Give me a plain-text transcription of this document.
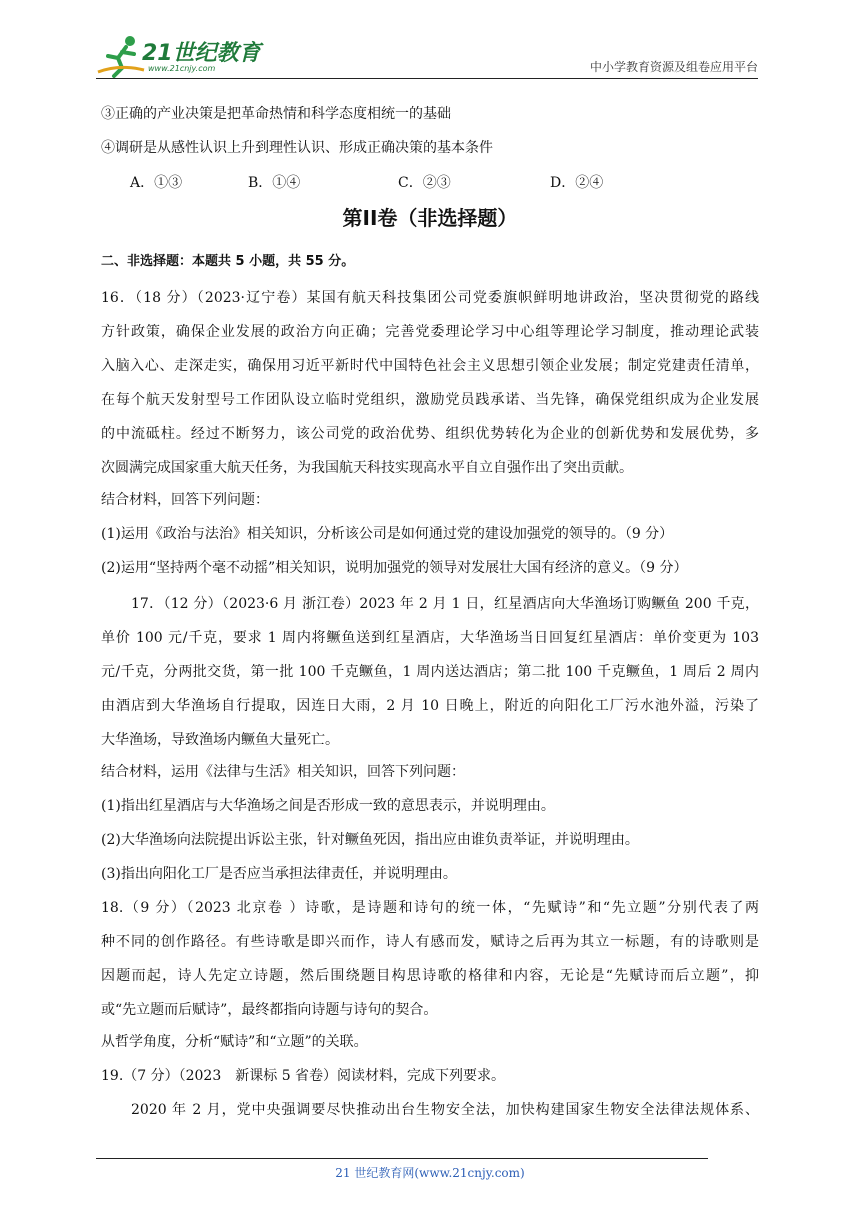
21世纪教育
www.21cnjy.com	中小学教育资源及组卷应用平台
③正确的产业决策是把革命热情和科学态度相统一的基础
④调研是从感性认识上升到理性认识、形成正确决策的基本条件
A．①③	B．①④	C．②③	D．②④
第II卷（非选择题）
二、非选择题：本题共 5 小题，共 55 分。
16．（18 分）（2023·辽宁卷）某国有航天科技集团公司党委旗帜鲜明地讲政治，坚决贯彻党的路线
方针政策，确保企业发展的政治方向正确；完善党委理论学习中心组等理论学习制度，推动理论武装
入脑入心、走深走实，确保用习近平新时代中国特色社会主义思想引领企业发展；制定党建责任清单，
在每个航天发射型号工作团队设立临时党组织，激励党员践承诺、当先锋，确保党组织成为企业发展
的中流砥柱。经过不断努力，该公司党的政治优势、组织优势转化为企业的创新优势和发展优势，多
次圆满完成国家重大航天任务，为我国航天科技实现高水平自立自强作出了突出贡献。
结合材料，回答下列问题：
(1)运用《政治与法治》相关知识，分析该公司是如何通过党的建设加强党的领导的。（9 分）
(2)运用“坚持两个毫不动摇”相关知识，说明加强党的领导对发展壮大国有经济的意义。（9 分）
17．（12 分）（2023·6 月 浙江卷）2023 年 2 月 1 日，红星酒店向大华渔场订购鳜鱼 200 千克，
单价 100 元/千克，要求 1 周内将鳜鱼送到红星酒店，大华渔场当日回复红星酒店：单价变更为 103
元/千克，分两批交货，第一批 100 千克鳜鱼，1 周内送达酒店；第二批 100 千克鳜鱼，1 周后 2 周内
由酒店到大华渔场自行提取，因连日大雨，2 月 10 日晚上，附近的向阳化工厂污水池外溢，污染了
大华渔场，导致渔场内鳜鱼大量死亡。
结合材料，运用《法律与生活》相关知识，回答下列问题：
(1)指出红星酒店与大华渔场之间是否形成一致的意思表示，并说明理由。
(2)大华渔场向法院提出诉讼主张，针对鳜鱼死因，指出应由谁负责举证，并说明理由。
(3)指出向阳化工厂是否应当承担法律责任，并说明理由。
18.（9 分）（2023 北京卷 ）诗歌，是诗题和诗句的统一体，“先赋诗”和“先立题”分别代表了两
种不同的创作路径。有些诗歌是即兴而作，诗人有感而发，赋诗之后再为其立一标题，有的诗歌则是
因题而起，诗人先定立诗题，然后围绕题目构思诗歌的格律和内容，无论是“先赋诗而后立题”，抑
或“先立题而后赋诗”，最终都指向诗题与诗句的契合。
从哲学角度，分析“赋诗”和“立题”的关联。
19.（7 分）（2023　新课标 5 省卷）阅读材料，完成下列要求。
2020 年 2 月，党中央强调要尽快推动出台生物安全法，加快构建国家生物安全法律法规体系、
21 世纪教育网(www.21cnjy.com)
